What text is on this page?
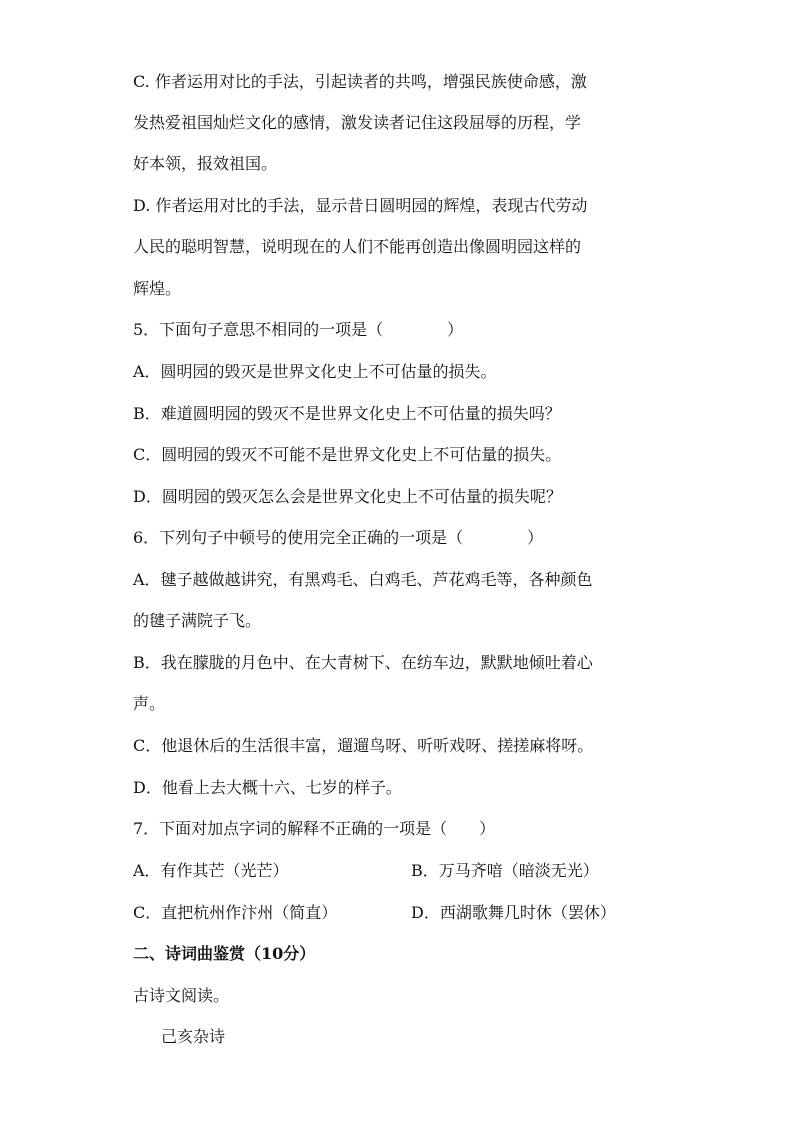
C. 作者运用对比的手法，引起读者的共鸣，增强民族使命感，激
发热爱祖国灿烂文化的感情，激发读者记住这段屈辱的历程，学
好本领，报效祖国。
D. 作者运用对比的手法，显示昔日圆明园的辉煌，表现古代劳动
人民的聪明智慧，说明现在的人们不能再创造出像圆明园这样的
辉煌。
5．下面句子意思不相同的一项是（　　　　）
A．圆明园的毁灭是世界文化史上不可估量的损失。
B．难道圆明园的毁灭不是世界文化史上不可估量的损失吗？
C．圆明园的毁灭不可能不是世界文化史上不可估量的损失。
D．圆明园的毁灭怎么会是世界文化史上不可估量的损失呢？
6．下列句子中顿号的使用完全正确的一项是（　　　　）
A．毽子越做越讲究，有黑鸡毛、白鸡毛、芦花鸡毛等，各种颜色
的毽子满院子飞。
B．我在朦胧的月色中、在大青树下、在纺车边，默默地倾吐着心
声。
C．他退休后的生活很丰富，遛遛鸟呀、听听戏呀、搓搓麻将呀。
D．他看上去大概十六、七岁的样子。
7．下面对加点字词的解释不正确的一项是（　　）
A．有作其芒（光芒）	B．万马齐喑（暗淡无光）
C．直把杭州作汴州（简直）	D．西湖歌舞几时休（罢休）
二、诗词曲鉴赏（10分）
古诗文阅读。
己亥杂诗
